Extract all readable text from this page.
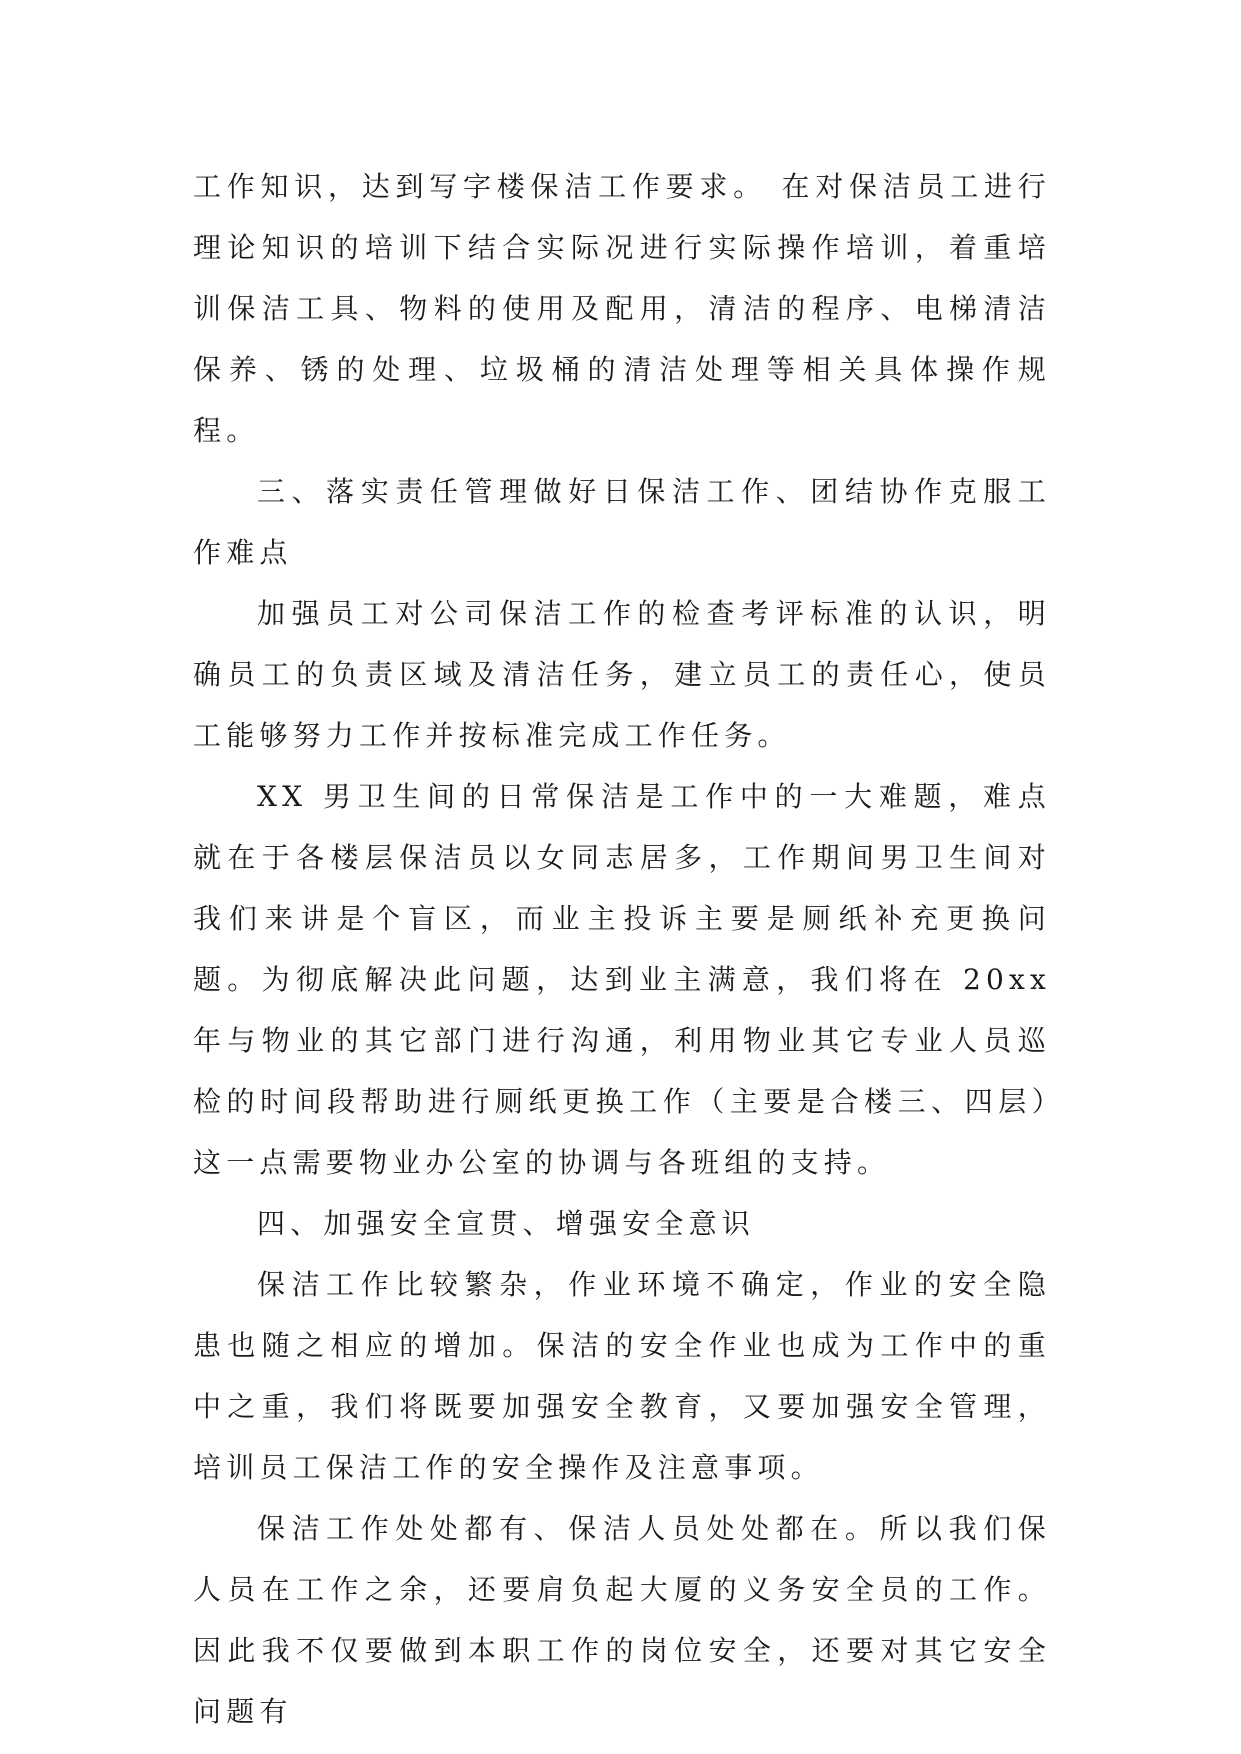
工作知识，达到写字楼保洁工作要求。 在对保洁员工进行理论知识的培训下结合实际况进行实际操作培训，着重培训保洁工具、物料的使用及配用，清洁的程序、电梯清洁保养、锈的处理、垃圾桶的清洁处理等相关具体操作规程。

三、落实责任管理做好日保洁工作、团结协作克服工作难点

加强员工对公司保洁工作的检查考评标准的认识，明确员工的负责区域及清洁任务，建立员工的责任心，使员工能够努力工作并按标准完成工作任务。

XX 男卫生间的日常保洁是工作中的一大难题，难点就在于各楼层保洁员以女同志居多，工作期间男卫生间对我们来讲是个盲区，而业主投诉主要是厕纸补充更换问题。为彻底解决此问题，达到业主满意，我们将在 20xx 年与物业的其它部门进行沟通，利用物业其它专业人员巡检的时间段帮助进行厕纸更换工作（主要是合楼三、四层）这一点需要物业办公室的协调与各班组的支持。

四、加强安全宣贯、增强安全意识

保洁工作比较繁杂，作业环境不确定，作业的安全隐患也随之相应的增加。保洁的安全作业也成为工作中的重中之重，我们将既要加强安全教育，又要加强安全管理，培训员工保洁工作的安全操作及注意事项。

保洁工作处处都有、保洁人员处处都在。所以我们保人员在工作之余，还要肩负起大厦的义务安全员的工作。因此我不仅要做到本职工作的岗位安全，还要对其它安全问题有
